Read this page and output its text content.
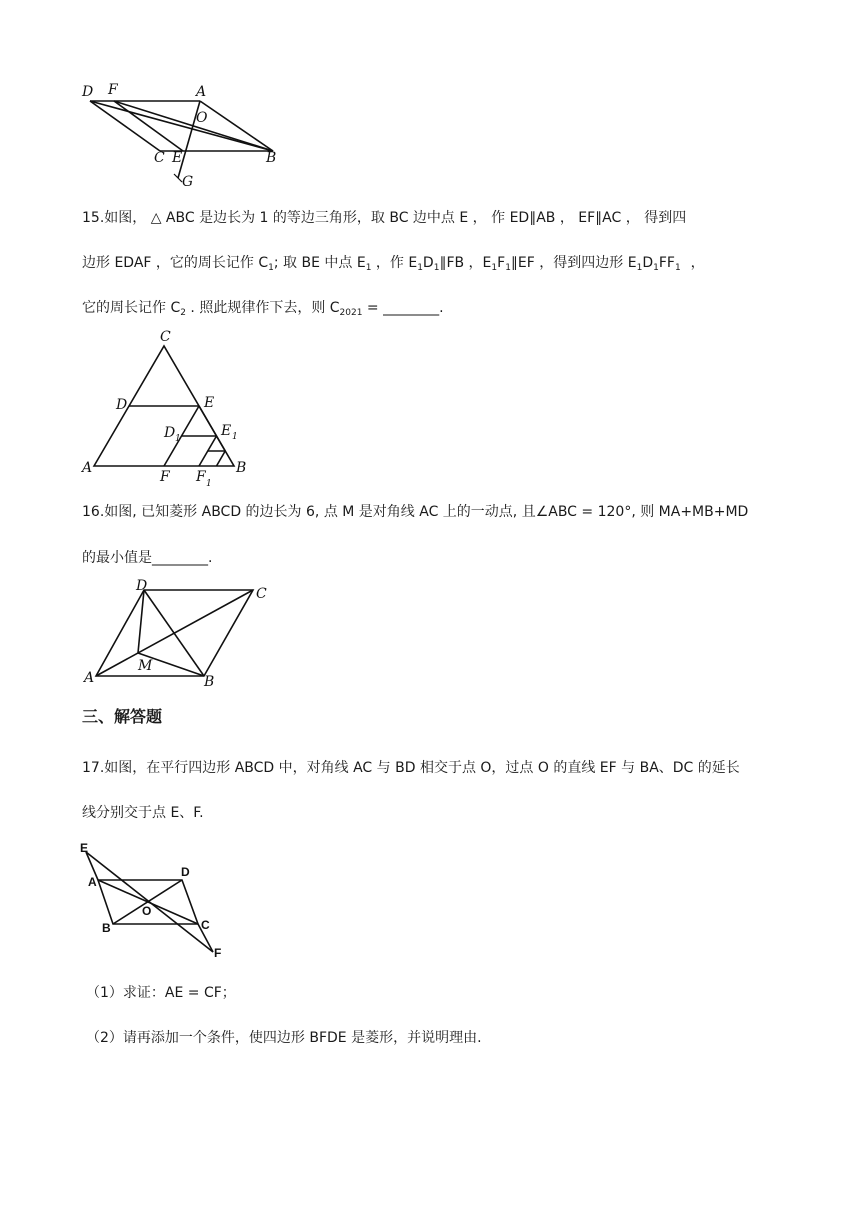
D F	A
O
C E	B
G
15.如图， △ ABC 是边长为 1 的等边三角形，取 BC 边中点 E ， 作 ED∥AB ， EF∥AC ， 得到四
边形 EDAF ，它的周长记作 $C_1$; 取 BE 中点 $E_1$ ，作 $E_1D_1\parallel FB$ ，$E_1F_1\parallel EF$ ，得到四边形 $E_1D_1FF_1$ ，
它的周长记作 $C_2$ . 照此规律作下去，则 $C_{2021}$ = ________.
C
D	E
D 1	E 1
A
F F 1
B
16.如图, 已知菱形 ABCD 的边长为 6, 点 M 是对角线 AC 上的一动点, 且∠ABC = 120°, 则 MA+MB+MD
的最小值是________.
D	C
M
A	B
三、解答题
17.如图，在平行四边形 ABCD 中，对角线 AC 与 BD 相交于点 O，过点 O 的直线 EF 与 BA、DC 的延长
线分别交于点 E、F.
E
A
D
O
B	C
F
（1）求证：AE = CF；
（2）请再添加一个条件，使四边形 BFDE 是菱形，并说明理由.
